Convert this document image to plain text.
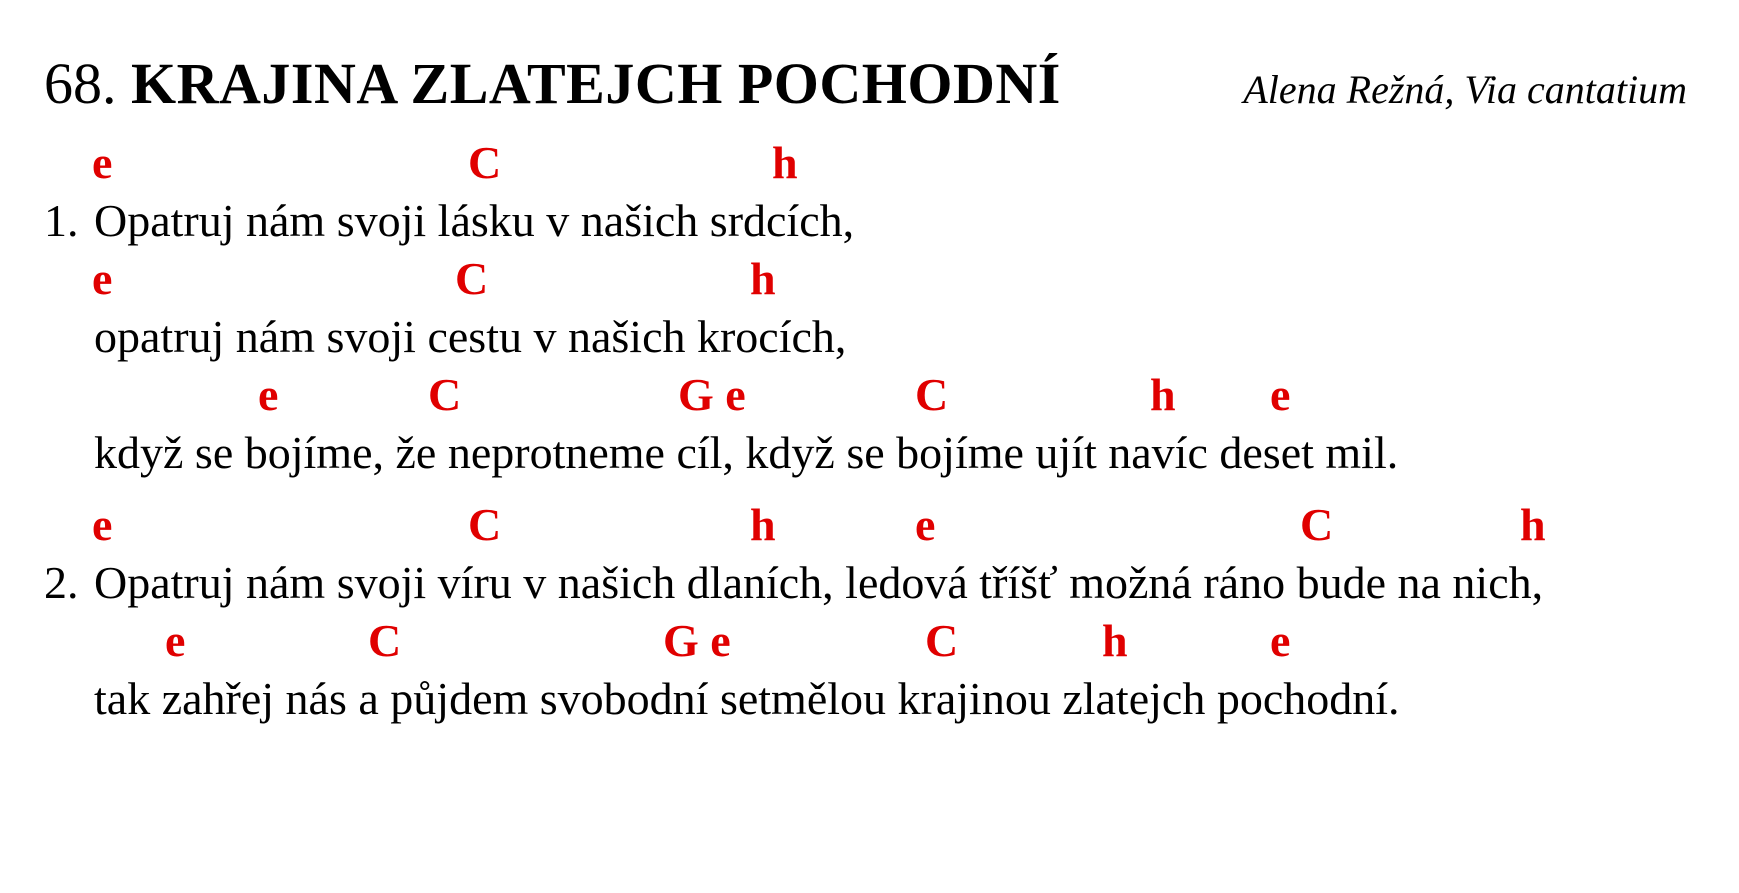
68. KRAJINA ZLATEJCH POCHODNÍ	Alena Režná, Via cantatium
e	C	h
1. Opatruj nám svoji lásku v našich srdcích,
e	C	h
opatruj nám svoji cestu v našich krocích,
e	C	G e	C	h e
když se bojíme, že neprotneme cíl, když se bojíme ujít navíc deset mil.
e	C	h	e	C	h
2. Opatruj nám svoji víru v našich dlaních, ledová tříšť možná ráno bude na nich,
e	C	G e	C	h	e
tak zahřej nás a půjdem svobodní setmělou krajinou zlatejch pochodní.
